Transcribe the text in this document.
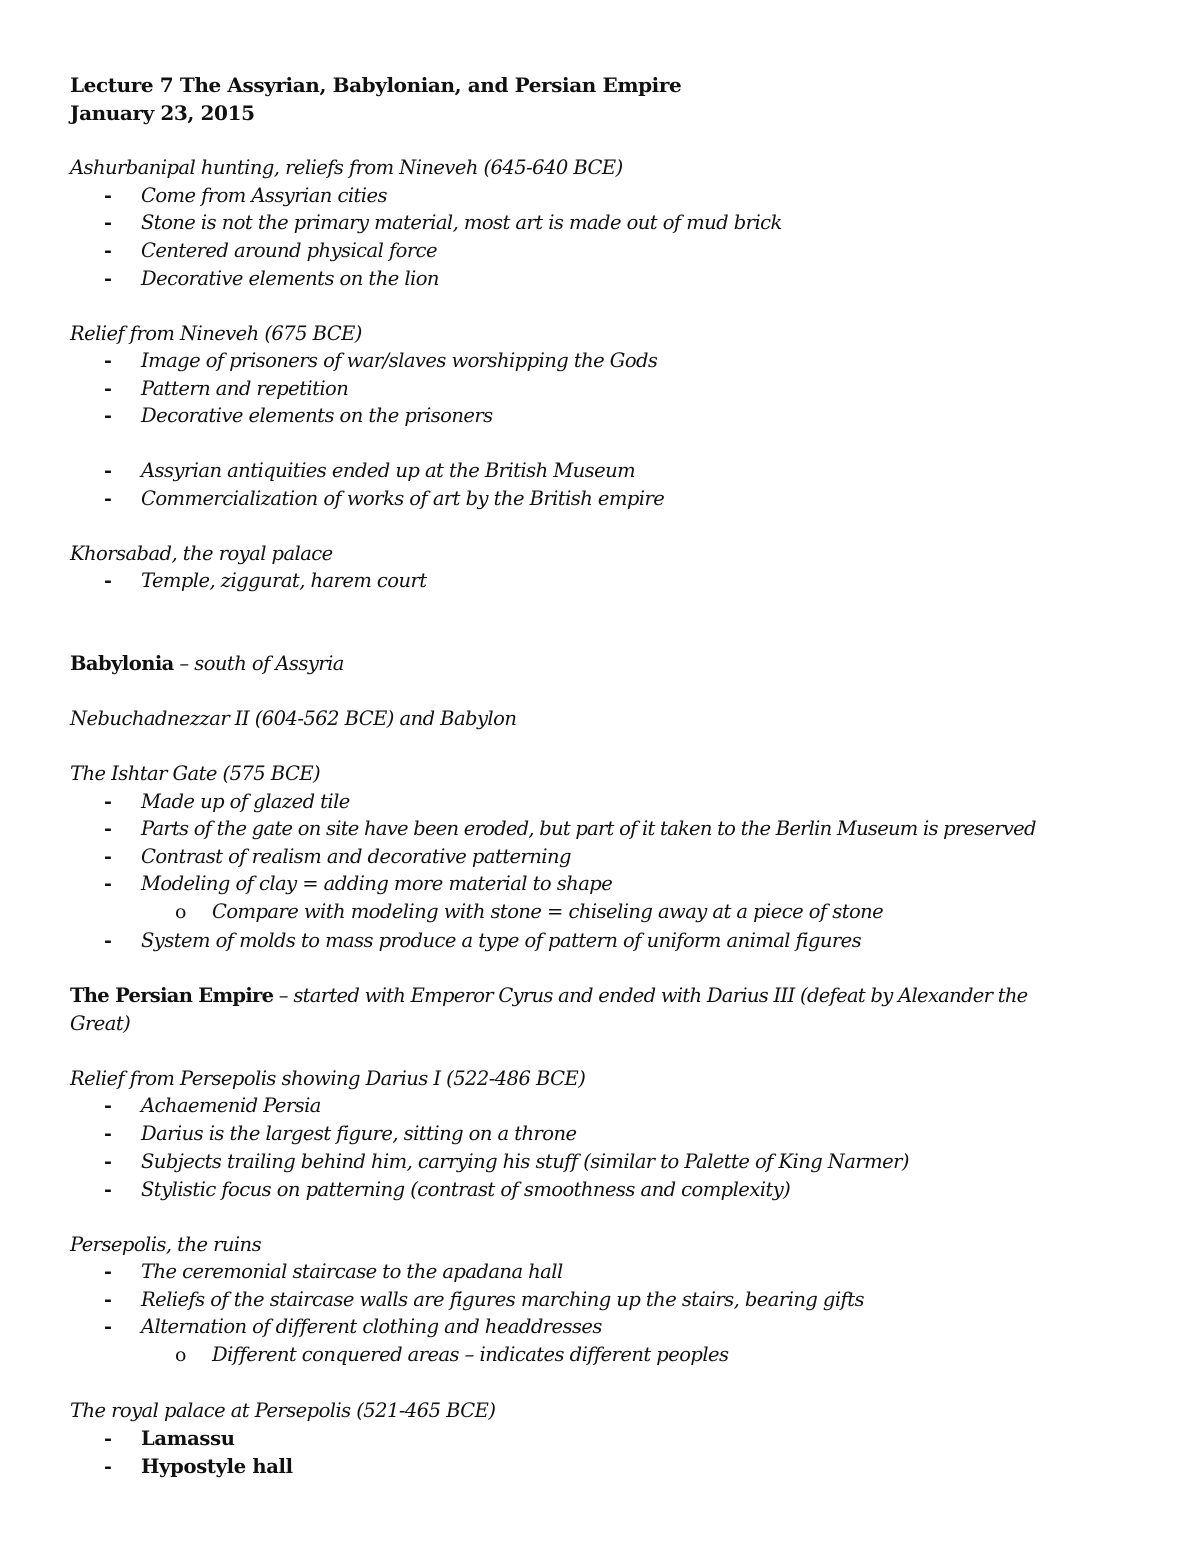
Lecture 7 The Assyrian, Babylonian, and Persian Empire
January 23, 2015
Ashurbanipal hunting, reliefs from Nineveh (645-640 BCE)
- Come from Assyrian cities
- Stone is not the primary material, most art is made out of mud brick
- Centered around physical force
- Decorative elements on the lion
Relief from Nineveh (675 BCE)
- Image of prisoners of war/slaves worshipping the Gods
- Pattern and repetition
- Decorative elements on the prisoners
- Assyrian antiquities ended up at the British Museum
- Commercialization of works of art by the British empire
Khorsabad, the royal palace
- Temple, ziggurat, harem court
Babylonia – south of Assyria
Nebuchadnezzar II (604-562 BCE) and Babylon
The Ishtar Gate (575 BCE)
- Made up of glazed tile
- Parts of the gate on site have been eroded, but part of it taken to the Berlin Museum is preserved
- Contrast of realism and decorative patterning
- Modeling of clay = adding more material to shape
o Compare with modeling with stone = chiseling away at a piece of stone
- System of molds to mass produce a type of pattern of uniform animal figures
The Persian Empire – started with Emperor Cyrus and ended with Darius III (defeat by Alexander the
Great)
Relief from Persepolis showing Darius I (522-486 BCE)
- Achaemenid Persia
- Darius is the largest figure, sitting on a throne
- Subjects trailing behind him, carrying his stuff (similar to Palette of King Narmer)
- Stylistic focus on patterning (contrast of smoothness and complexity)
Persepolis, the ruins
- The ceremonial staircase to the apadana hall
- Reliefs of the staircase walls are figures marching up the stairs, bearing gifts
- Alternation of different clothing and headdresses
o Different conquered areas – indicates different peoples
The royal palace at Persepolis (521-465 BCE)
- Lamassu
- Hypostyle hall
